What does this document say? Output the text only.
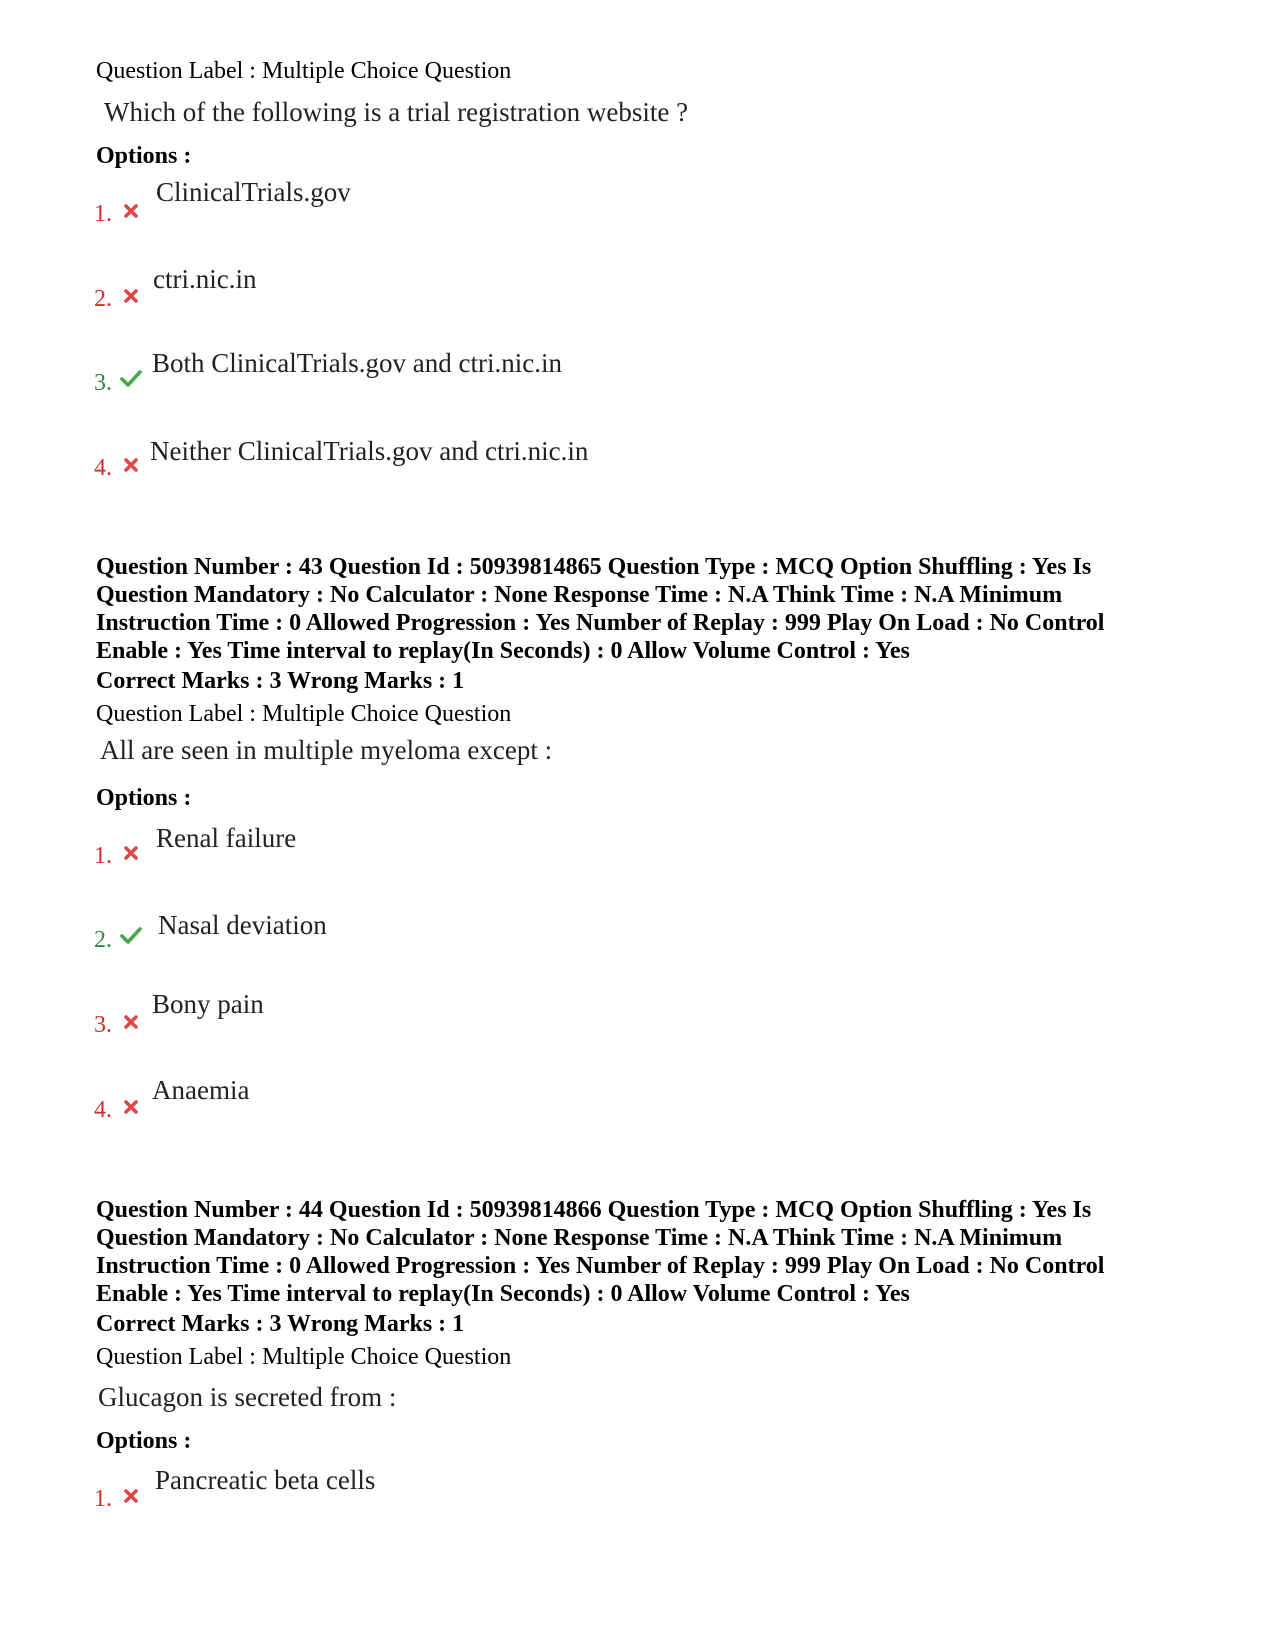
Question Label : Multiple Choice Question
Which of the following is a trial registration website ?
Options :
1.
ClinicalTrials.gov
2.
ctri.nic.in
3.
Both ClinicalTrials.gov and ctri.nic.in
4.
Neither ClinicalTrials.gov and ctri.nic.in

Question Number : 43 Question Id : 50939814865 Question Type : MCQ Option Shuffling : Yes Is

Question Mandatory : No Calculator : None Response Time : N.A Think Time : N.A Minimum

Instruction Time : 0 Allowed Progression : Yes Number of Replay : 999 Play On Load : No Control

Enable : Yes Time interval to replay(In Seconds) : 0 Allow Volume Control : Yes

Correct Marks : 3 Wrong Marks : 1
Question Label : Multiple Choice Question
All are seen in multiple myeloma except :
Options :
1.
Renal failure
2. Nasal deviation
3.
Bony pain
4.
Anaemia

Question Number : 44 Question Id : 50939814866 Question Type : MCQ Option Shuffling : Yes Is

Question Mandatory : No Calculator : None Response Time : N.A Think Time : N.A Minimum

Instruction Time : 0 Allowed Progression : Yes Number of Replay : 999 Play On Load : No Control

Enable : Yes Time interval to replay(In Seconds) : 0 Allow Volume Control : Yes

Correct Marks : 3 Wrong Marks : 1
Question Label : Multiple Choice Question
Glucagon is secreted from :
Options :
1.
Pancreatic beta cells
